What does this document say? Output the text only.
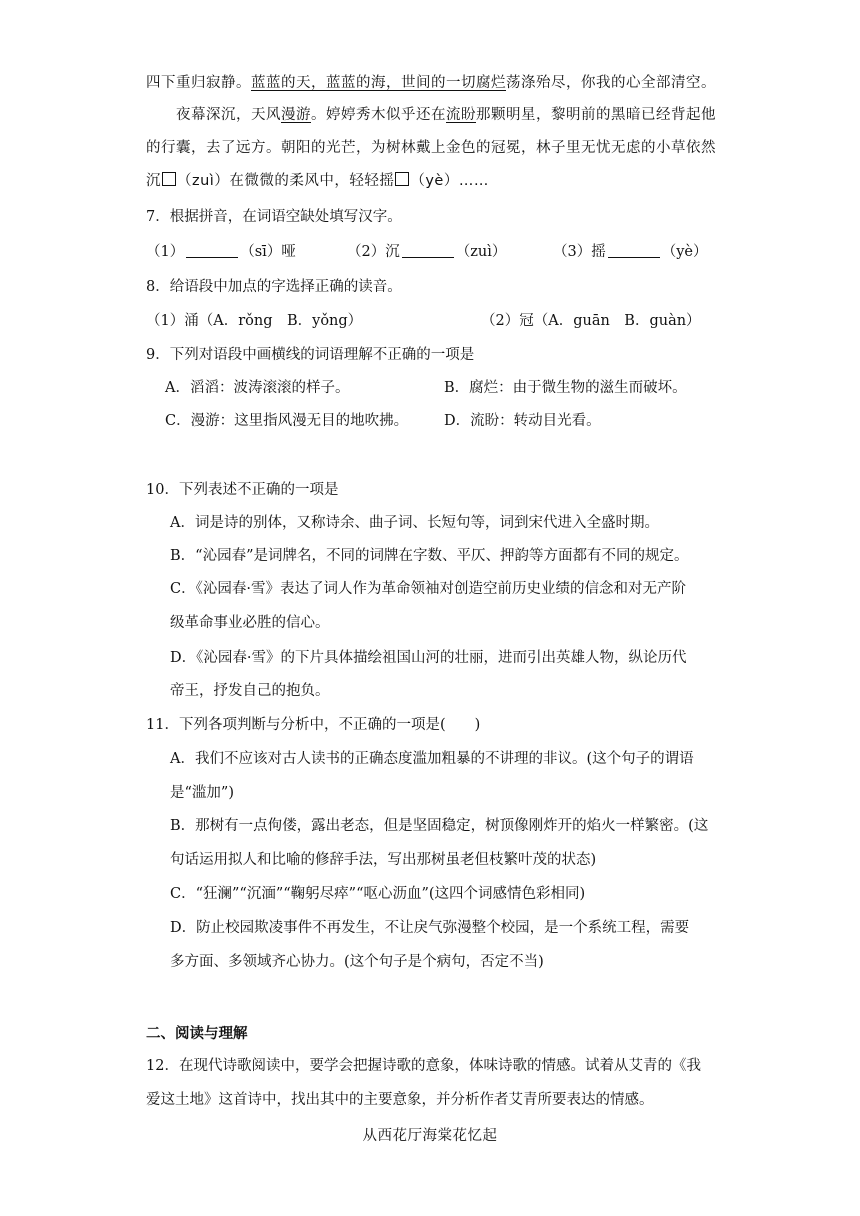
四下重归寂静。蓝蓝的天，蓝蓝的海，世间的一切腐烂荡涤殆尽，你我的心全部清空。
夜幕深沉，天风漫游。婷婷秀木似乎还在流盼那颗明星，黎明前的黑暗已经背起他
的行囊，去了远方。朝阳的光芒，为树林戴上金色的冠冕，林子里无忧无虑的小草依然
沉 （zuì）在微微的柔风中，轻轻摇 （yè）……
7．根据拼音，在词语空缺处填写汉字。
（1）	（sī）哑	（2）沉	（zuì）	（3）摇	（yè）
8．给语段中加点的字选择正确的读音。
（1）涌（A．rǒng　B．yǒng）	（2）冠（A．guān　B．guàn）
9．下列对语段中画横线的词语理解不正确的一项是
A．滔滔：波涛滚滚的样子。	B．腐烂：由于微生物的滋生而破坏。
C．漫游：这里指风漫无目的地吹拂。 D．流盼：转动目光看。
10．下列表述不正确的一项是
A．词是诗的别体，又称诗余、曲子词、长短句等，词到宋代进入全盛时期。
B．“沁园春”是词牌名，不同的词牌在字数、平仄、押韵等方面都有不同的规定。
C．《沁园春·雪》表达了词人作为革命领袖对创造空前历史业绩的信念和对无产阶
级革命事业必胜的信心。
D．《沁园春·雪》的下片具体描绘祖国山河的壮丽，进而引出英雄人物，纵论历代
帝王，抒发自己的抱负。
11．下列各项判断与分析中，不正确的一项是(　　)
A．我们不应该对古人读书的正确态度滥加粗暴的不讲理的非议。(这个句子的谓语
是“滥加”)
B．那树有一点佝偻，露出老态，但是坚固稳定，树顶像刚炸开的焰火一样繁密。(这
句话运用拟人和比喻的修辞手法，写出那树虽老但枝繁叶茂的状态)
C．“狂澜”“沉湎”“鞠躬尽瘁”“呕心沥血”(这四个词感情色彩相同)
D．防止校园欺凌事件不再发生，不让戾气弥漫整个校园，是一个系统工程，需要
多方面、多领域齐心协力。(这个句子是个病句，否定不当)
二、阅读与理解
12．在现代诗歌阅读中，要学会把握诗歌的意象，体味诗歌的情感。试着从艾青的《我
爱这土地》这首诗中，找出其中的主要意象，并分析作者艾青所要表达的情感。
从西花厅海棠花忆起
